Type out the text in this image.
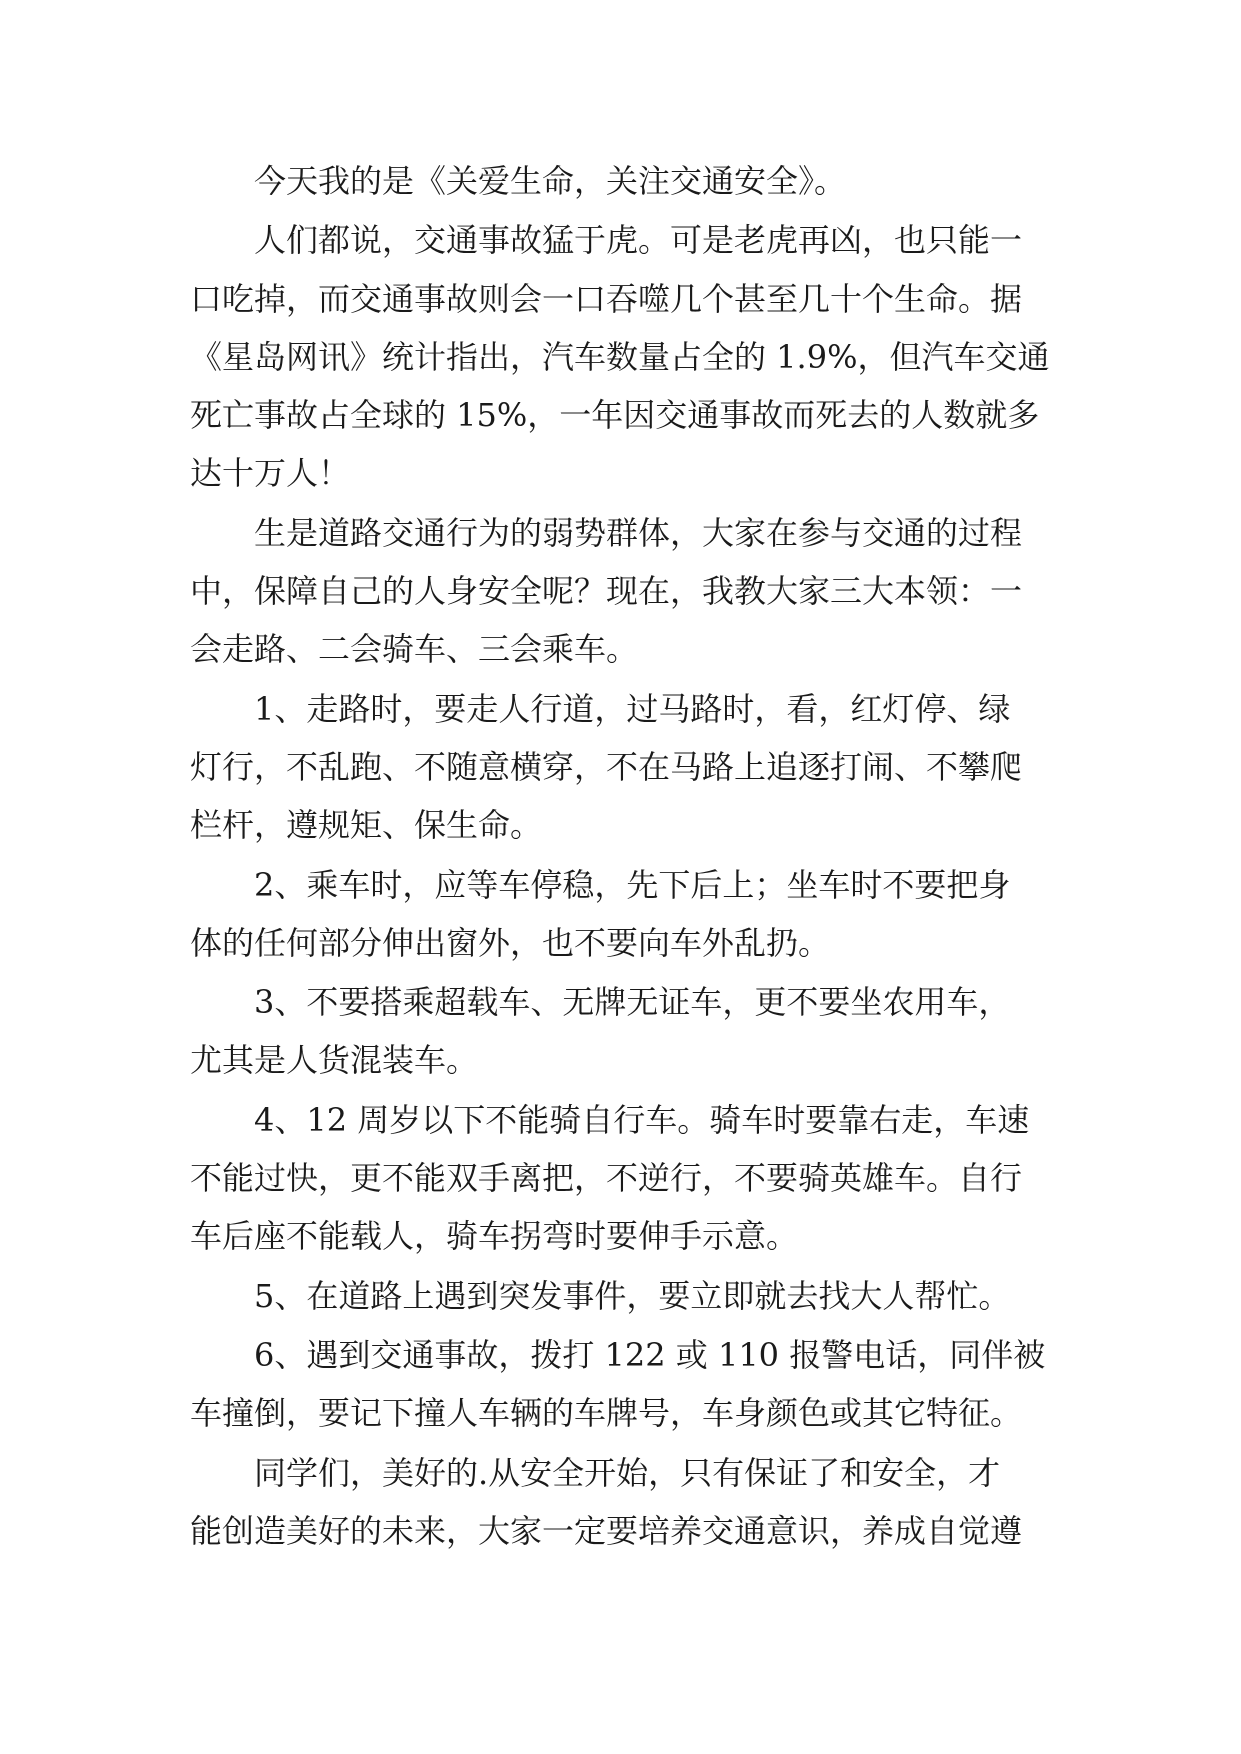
　　今天我的是《关爱生命，关注交通安全》。

　　人们都说，交通事故猛于虎。可是老虎再凶，也只能一
口吃掉，而交通事故则会一口吞噬几个甚至几十个生命。据
《星岛网讯》统计指出，汽车数量占全的 1.9%，但汽车交通
死亡事故占全球的 15%，一年因交通事故而死去的人数就多
达十万人！

　　生是道路交通行为的弱势群体，大家在参与交通的过程
中，保障自己的人身安全呢？现在，我教大家三大本领：一
会走路、二会骑车、三会乘车。

　　1、走路时，要走人行道，过马路时，看，红灯停、绿
灯行，不乱跑、不随意横穿，不在马路上追逐打闹、不攀爬
栏杆，遵规矩、保生命。

　　2、乘车时，应等车停稳，先下后上；坐车时不要把身
体的任何部分伸出窗外，也不要向车外乱扔。

　　3、不要搭乘超载车、无牌无证车，更不要坐农用车，
尤其是人货混装车。

　　4、12 周岁以下不能骑自行车。骑车时要靠右走，车速
不能过快，更不能双手离把，不逆行，不要骑英雄车。自行
车后座不能载人，骑车拐弯时要伸手示意。

　　5、在道路上遇到突发事件，要立即就去找大人帮忙。

　　6、遇到交通事故，拨打 122 或 110 报警电话，同伴被
车撞倒，要记下撞人车辆的车牌号，车身颜色或其它特征。

　　同学们，美好的.从安全开始，只有保证了和安全，才
能创造美好的未来，大家一定要培养交通意识，养成自觉遵
